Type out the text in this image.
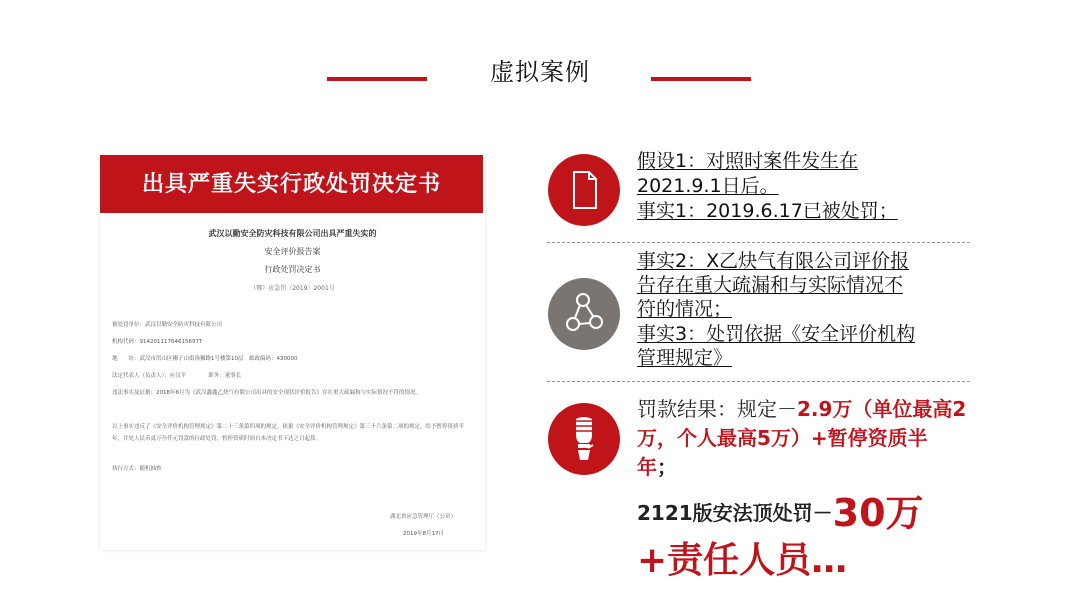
虚拟案例
出具严重失实行政处罚决定书
武汉以勤安全防灾科技有限公司出具严重失实的
安全评价报告案
行政处罚决定书
（鄂）应急罚〔2019〕2001号
被处罚单位：武汉以勤安全防灾科技有限公司
机构代码：91420111764615697T
地　　址：武汉市洪山区狮子山街珞狮路1号楼第10层　邮政编码：430000
法定代表人（负责人）：应汉平　　　　职务：董事长
违法事实及证据：2018年6月为《武汉鑫鑫乙炔气有限公司出具的安全现状评价报告》存在重大疏漏和与实际情况不符的情况。
以上事实违反了《安全评价机构管理规定》第二十三条第四项的规定。依据《安全评价机构管理规定》第三十六条第二项的规定，给予暂停资质半年，并处人民币贰万叁仟元罚款的行政处罚，暂停资质时间自本决定书下达之日起算。
执行方式：随机抽查
湖北省应急管理厅（公章）
2019年8月17日
假设1：对照时案件发生在
2021.9.1日后。
事实1：2019.6.17已被处罚；
事实2：X乙炔气有限公司评价报
告存在重大疏漏和与实际情况不
符的情况；
事实3：处罚依据《安全评价机构
管理规定》
罚款结果：规定－2.9万（单位最高2万，个人最高5万）+暂停资质半年；
2121版安法顶处罚－30万
+责任人员…
